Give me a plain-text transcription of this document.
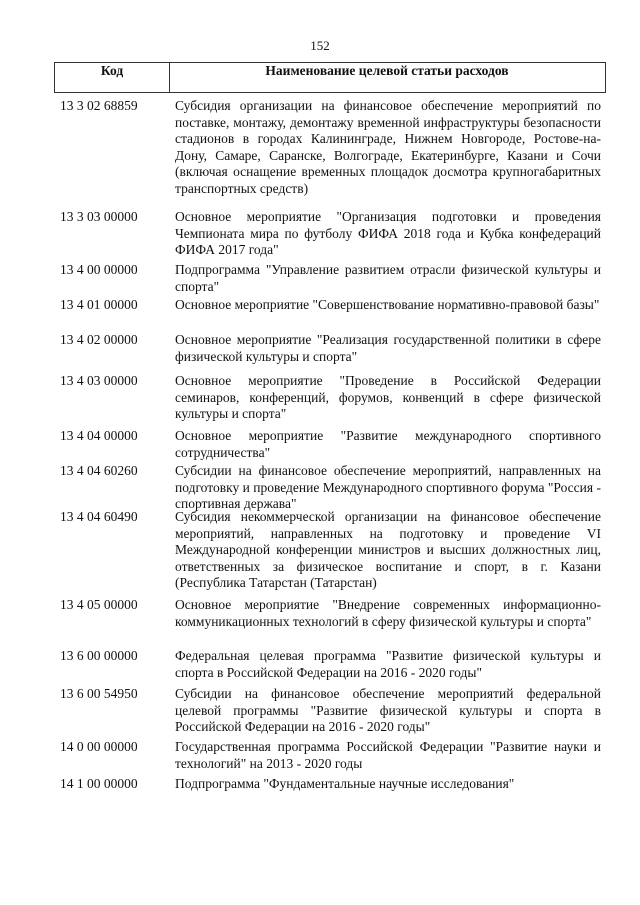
152
Код	Наименование целевой статьи расходов
13 3 02 68859	Субсидия организации на финансовое обеспечение мероприятий по поставке, монтажу, демонтажу временной инфраструктуры безопасности стадионов в городах Калининграде, Нижнем Новгороде, Ростове-на-Дону, Самаре, Саранске, Волгограде, Екатеринбурге, Казани и Сочи (включая оснащение временных площадок досмотра крупногабаритных транспортных средств)
13 3 03 00000	Основное мероприятие "Организация подготовки и проведения Чемпионата мира по футболу ФИФА 2018 года и Кубка конфедераций ФИФА 2017 года"
13 4 00 00000	Подпрограмма "Управление развитием отрасли физической культуры и спорта"
13 4 01 00000	Основное мероприятие "Совершенствование нормативно-правовой базы"
13 4 02 00000	Основное мероприятие "Реализация государственной политики в сфере физической культуры и спорта"
13 4 03 00000	Основное мероприятие "Проведение в Российской Федерации семинаров, конференций, форумов, конвенций в сфере физической культуры и спорта"
13 4 04 00000	Основное мероприятие "Развитие международного спортивного сотрудничества"
13 4 04 60260	Субсидии на финансовое обеспечение мероприятий, направленных на подготовку и проведение Международного спортивного форума "Россия - спортивная держава"
13 4 04 60490	Субсидия некоммерческой организации на финансовое обеспечение мероприятий, направленных на подготовку и проведение VI Международной конференции министров и высших должностных лиц, ответственных за физическое воспитание и спорт, в г. Казани (Республика Татарстан (Татарстан)
13 4 05 00000	Основное мероприятие "Внедрение современных информационно-коммуникационных технологий в сферу физической культуры и спорта"
13 6 00 00000	Федеральная целевая программа "Развитие физической культуры и спорта в Российской Федерации на 2016 - 2020 годы"
13 6 00 54950	Субсидии на финансовое обеспечение мероприятий федеральной целевой программы "Развитие физической культуры и спорта в Российской Федерации на 2016 - 2020 годы"
14 0 00 00000	Государственная программа Российской Федерации "Развитие науки и технологий" на 2013 - 2020 годы
14 1 00 00000	Подпрограмма "Фундаментальные научные исследования"
